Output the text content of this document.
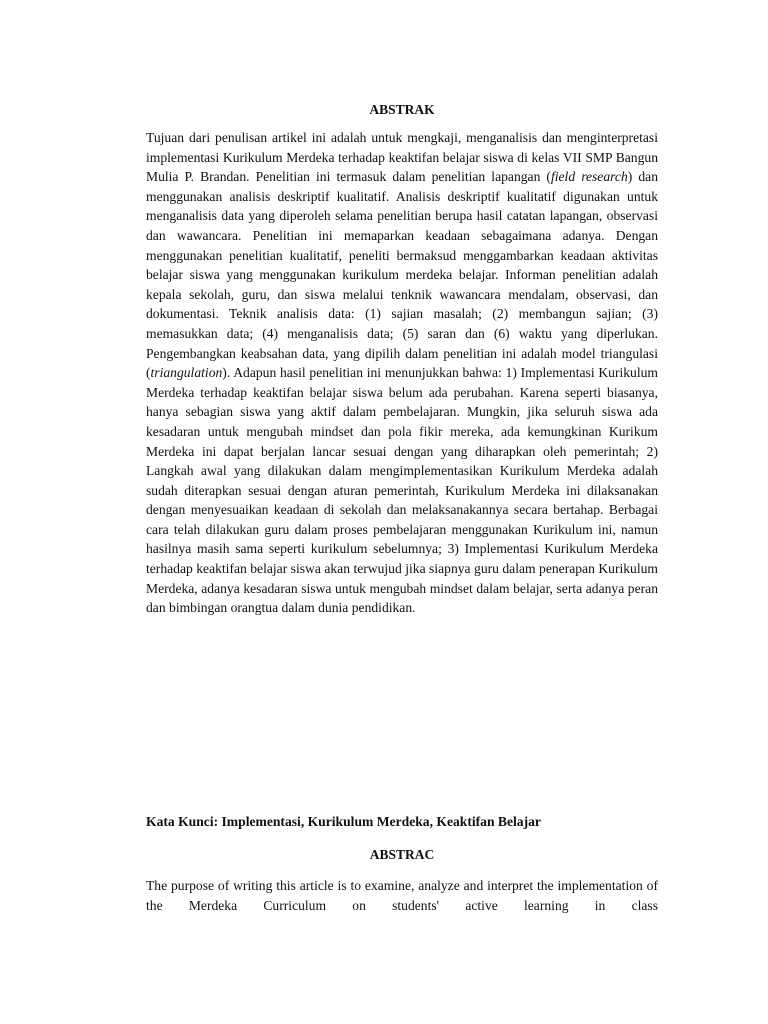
ABSTRAK

Tujuan dari penulisan artikel ini adalah untuk mengkaji, menganalisis dan menginterpretasi implementasi Kurikulum Merdeka terhadap keaktifan belajar siswa di kelas VII SMP Bangun Mulia P. Brandan. Penelitian ini termasuk dalam penelitian lapangan (field research) dan menggunakan analisis deskriptif kualitatif. Analisis deskriptif kualitatif digunakan untuk menganalisis data yang diperoleh selama penelitian berupa hasil catatan lapangan, observasi dan wawancara. Penelitian ini memaparkan keadaan sebagaimana adanya. Dengan menggunakan penelitian kualitatif, peneliti bermaksud menggambarkan keadaan aktivitas belajar siswa yang menggunakan kurikulum merdeka belajar. Informan penelitian adalah kepala sekolah, guru, dan siswa melalui tenknik wawancara mendalam, observasi, dan dokumentasi. Teknik analisis data: (1) sajian masalah; (2) membangun sajian; (3) memasukkan data; (4) menganalisis data; (5) saran dan (6) waktu yang diperlukan. Pengembangkan keabsahan data, yang dipilih dalam penelitian ini adalah model triangulasi (triangulation). Adapun hasil penelitian ini menunjukkan bahwa: 1) Implementasi Kurikulum Merdeka terhadap keaktifan belajar siswa belum ada perubahan. Karena seperti biasanya, hanya sebagian siswa yang aktif dalam pembelajaran. Mungkin, jika seluruh siswa ada kesadaran untuk mengubah mindset dan pola fikir mereka, ada kemungkinan Kurikum Merdeka ini dapat berjalan lancar sesuai dengan yang diharapkan oleh pemerintah; 2) Langkah awal yang dilakukan dalam mengimplementasikan Kurikulum Merdeka adalah sudah diterapkan sesuai dengan aturan pemerintah, Kurikulum Merdeka ini dilaksanakan dengan menyesuaikan keadaan di sekolah dan melaksanakannya secara bertahap. Berbagai cara telah dilakukan guru dalam proses pembelajaran menggunakan Kurikulum ini, namun hasilnya masih sama seperti kurikulum sebelumnya; 3) Implementasi Kurikulum Merdeka terhadap keaktifan belajar siswa akan terwujud jika siapnya guru dalam penerapan Kurikulum Merdeka, adanya kesadaran siswa untuk mengubah mindset dalam belajar, serta adanya peran dan bimbingan orangtua dalam dunia pendidikan.

Kata Kunci: Implementasi, Kurikulum Merdeka, Keaktifan Belajar

ABSTRAC

The purpose of writing this article is to examine, analyze and interpret the implementation of the Merdeka Curriculum on students' active learning in class
